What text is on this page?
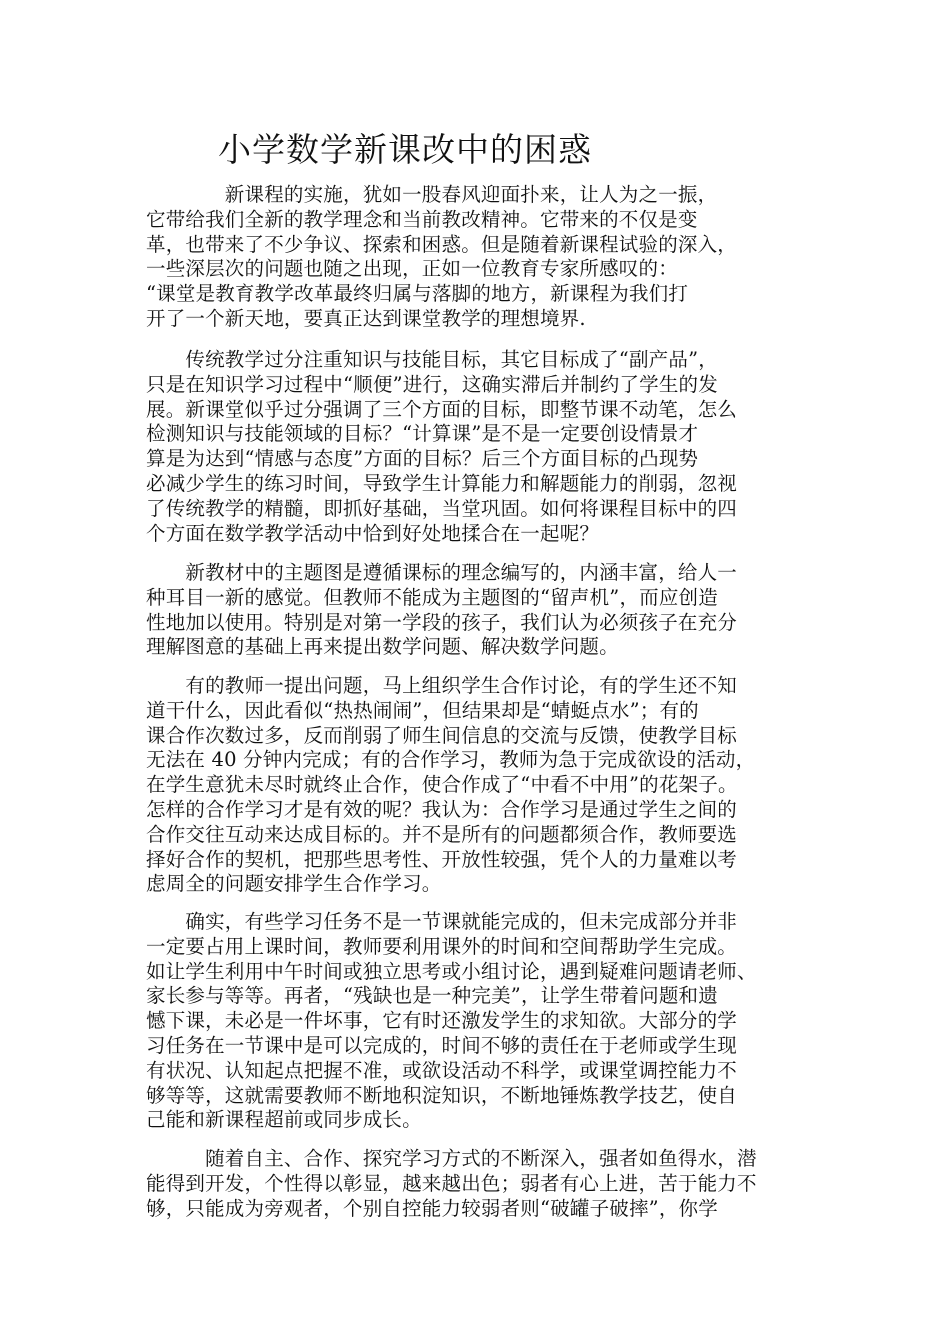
小学数学新课改中的困惑
　　　　新课程的实施，犹如一股春风迎面扑来，让人为之一振，
它带给我们全新的教学理念和当前教改精神。它带来的不仅是变
革，也带来了不少争议、探索和困惑。但是随着新课程试验的深入，
一些深层次的问题也随之出现，正如一位教育专家所感叹的：
“课堂是教育教学改革最终归属与落脚的地方，新课程为我们打
开了一个新天地，要真正达到课堂教学的理想境界.
　　传统教学过分注重知识与技能目标，其它目标成了“副产品”，
只是在知识学习过程中“顺便”进行，这确实滞后并制约了学生的发
展。新课堂似乎过分强调了三个方面的目标，即整节课不动笔，怎么
检测知识与技能领域的目标？“计算课”是不是一定要创设情景才
算是为达到“情感与态度”方面的目标？后三个方面目标的凸现势
必减少学生的练习时间，导致学生计算能力和解题能力的削弱，忽视
了传统教学的精髓，即抓好基础，当堂巩固。如何将课程目标中的四
个方面在数学教学活动中恰到好处地揉合在一起呢？
　　新教材中的主题图是遵循课标的理念编写的，内涵丰富，给人一
种耳目一新的感觉。但教师不能成为主题图的“留声机”，而应创造
性地加以使用。特别是对第一学段的孩子，我们认为必须孩子在充分
理解图意的基础上再来提出数学问题、解决数学问题。
　　有的教师一提出问题，马上组织学生合作讨论，有的学生还不知
道干什么，因此看似“热热闹闹”，但结果却是“蜻蜓点水”；有的
课合作次数过多，反而削弱了师生间信息的交流与反馈，使教学目标
无法在 40 分钟内完成；有的合作学习，教师为急于完成欲设的活动，
在学生意犹未尽时就终止合作，使合作成了“中看不中用”的花架子。
怎样的合作学习才是有效的呢？我认为：合作学习是通过学生之间的
合作交往互动来达成目标的。并不是所有的问题都须合作，教师要选
择好合作的契机，把那些思考性、开放性较强，凭个人的力量难以考
虑周全的问题安排学生合作学习。
　　确实，有些学习任务不是一节课就能完成的，但未完成部分并非
一定要占用上课时间，教师要利用课外的时间和空间帮助学生完成。
如让学生利用中午时间或独立思考或小组讨论，遇到疑难问题请老师、
家长参与等等。再者，“残缺也是一种完美”，让学生带着问题和遗
憾下课，未必是一件坏事，它有时还激发学生的求知欲。大部分的学
习任务在一节课中是可以完成的，时间不够的责任在于老师或学生现
有状况、认知起点把握不准，或欲设活动不科学，或课堂调控能力不
够等等，这就需要教师不断地积淀知识，不断地锤炼教学技艺，使自
己能和新课程超前或同步成长。
　　　随着自主、合作、探究学习方式的不断深入，强者如鱼得水，潜
能得到开发，个性得以彰显，越来越出色；弱者有心上进，苦于能力不
够，只能成为旁观者，个别自控能力较弱者则“破罐子破摔”，你学
